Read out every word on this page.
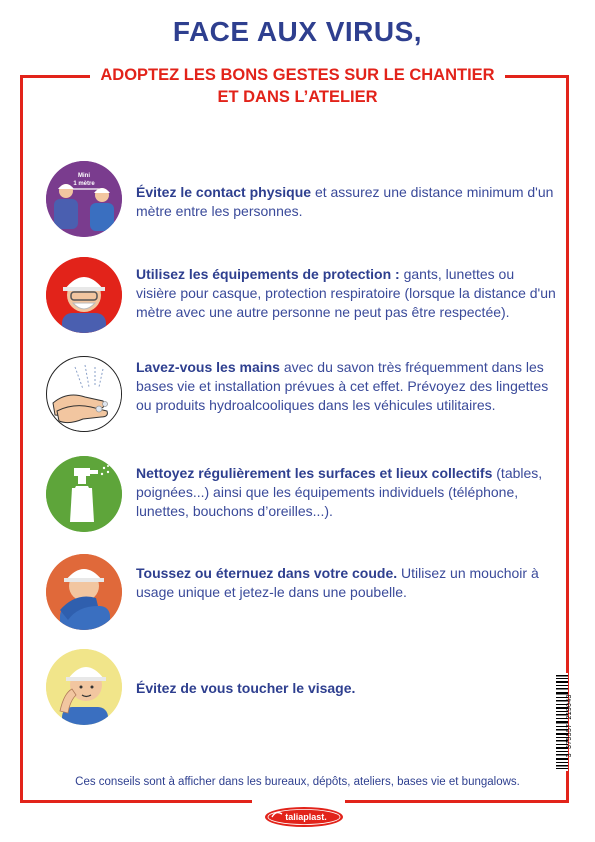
FACE AUX VIRUS,
ADOPTEZ LES BONS GESTES SUR LE CHANTIER
ET DANS L’ATELIER
Mini
1 mètre	Évitez le contact physique et assurez une distance minimum d'un mètre entre les personnes.
Utilisez les équipements de protection : gants, lunettes ou visière pour casque, protection respiratoire (lorsque la distance d'un mètre avec une autre personne ne peut pas être respectée).
Lavez-vous les mains avec du savon très fréquemment dans les bases vie et installation prévues à cet effet. Prévoyez des lingettes ou produits hydroalcooliques dans les véhicules utilitaires.
Nettoyez régulièrement les surfaces et lieux collectifs (tables, poignées...) ainsi que les équipements individuels (téléphone, lunettes, bouchons d’oreilles...).
Toussez ou éternuez dans votre coude. Utilisez un mouchoir à usage unique et jetez-le dans une poubelle.
Évitez de vous toucher le visage.
Ces conseils sont à afficher dans les bureaux, dépôts, ateliers, bases vie et bungalows.
taliaplast.
3 375557 219043
